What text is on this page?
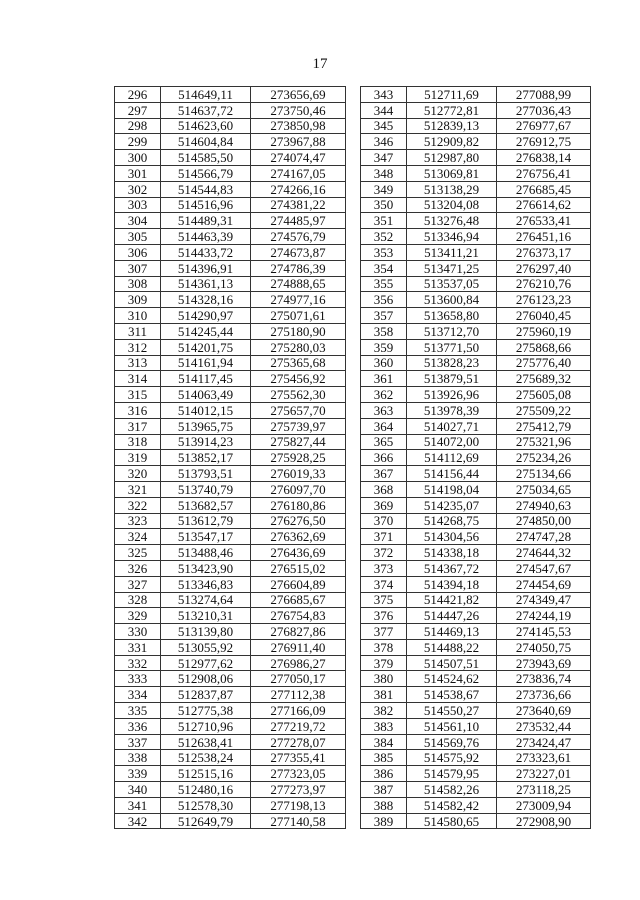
17
296	514649,11	273656,69
297	514637,72	273750,46
298	514623,60	273850,98
299	514604,84	273967,88
300	514585,50	274074,47
301	514566,79	274167,05
302	514544,83	274266,16
303	514516,96	274381,22
304	514489,31	274485,97
305	514463,39	274576,79
306	514433,72	274673,87
307	514396,91	274786,39
308	514361,13	274888,65
309	514328,16	274977,16
310	514290,97	275071,61
311	514245,44	275180,90
312	514201,75	275280,03
313	514161,94	275365,68
314	514117,45	275456,92
315	514063,49	275562,30
316	514012,15	275657,70
317	513965,75	275739,97
318	513914,23	275827,44
319	513852,17	275928,25
320	513793,51	276019,33
321	513740,79	276097,70
322	513682,57	276180,86
323	513612,79	276276,50
324	513547,17	276362,69
325	513488,46	276436,69
326	513423,90	276515,02
327	513346,83	276604,89
328	513274,64	276685,67
329	513210,31	276754,83
330	513139,80	276827,86
331	513055,92	276911,40
332	512977,62	276986,27
333	512908,06	277050,17
334	512837,87	277112,38
335	512775,38	277166,09
336	512710,96	277219,72
337	512638,41	277278,07
338	512538,24	277355,41
339	512515,16	277323,05
340	512480,16	277273,97
341	512578,30	277198,13
342	512649,79	277140,58
343	512711,69	277088,99
344	512772,81	277036,43
345	512839,13	276977,67
346	512909,82	276912,75
347	512987,80	276838,14
348	513069,81	276756,41
349	513138,29	276685,45
350	513204,08	276614,62
351	513276,48	276533,41
352	513346,94	276451,16
353	513411,21	276373,17
354	513471,25	276297,40
355	513537,05	276210,76
356	513600,84	276123,23
357	513658,80	276040,45
358	513712,70	275960,19
359	513771,50	275868,66
360	513828,23	275776,40
361	513879,51	275689,32
362	513926,96	275605,08
363	513978,39	275509,22
364	514027,71	275412,79
365	514072,00	275321,96
366	514112,69	275234,26
367	514156,44	275134,66
368	514198,04	275034,65
369	514235,07	274940,63
370	514268,75	274850,00
371	514304,56	274747,28
372	514338,18	274644,32
373	514367,72	274547,67
374	514394,18	274454,69
375	514421,82	274349,47
376	514447,26	274244,19
377	514469,13	274145,53
378	514488,22	274050,75
379	514507,51	273943,69
380	514524,62	273836,74
381	514538,67	273736,66
382	514550,27	273640,69
383	514561,10	273532,44
384	514569,76	273424,47
385	514575,92	273323,61
386	514579,95	273227,01
387	514582,26	273118,25
388	514582,42	273009,94
389	514580,65	272908,90
